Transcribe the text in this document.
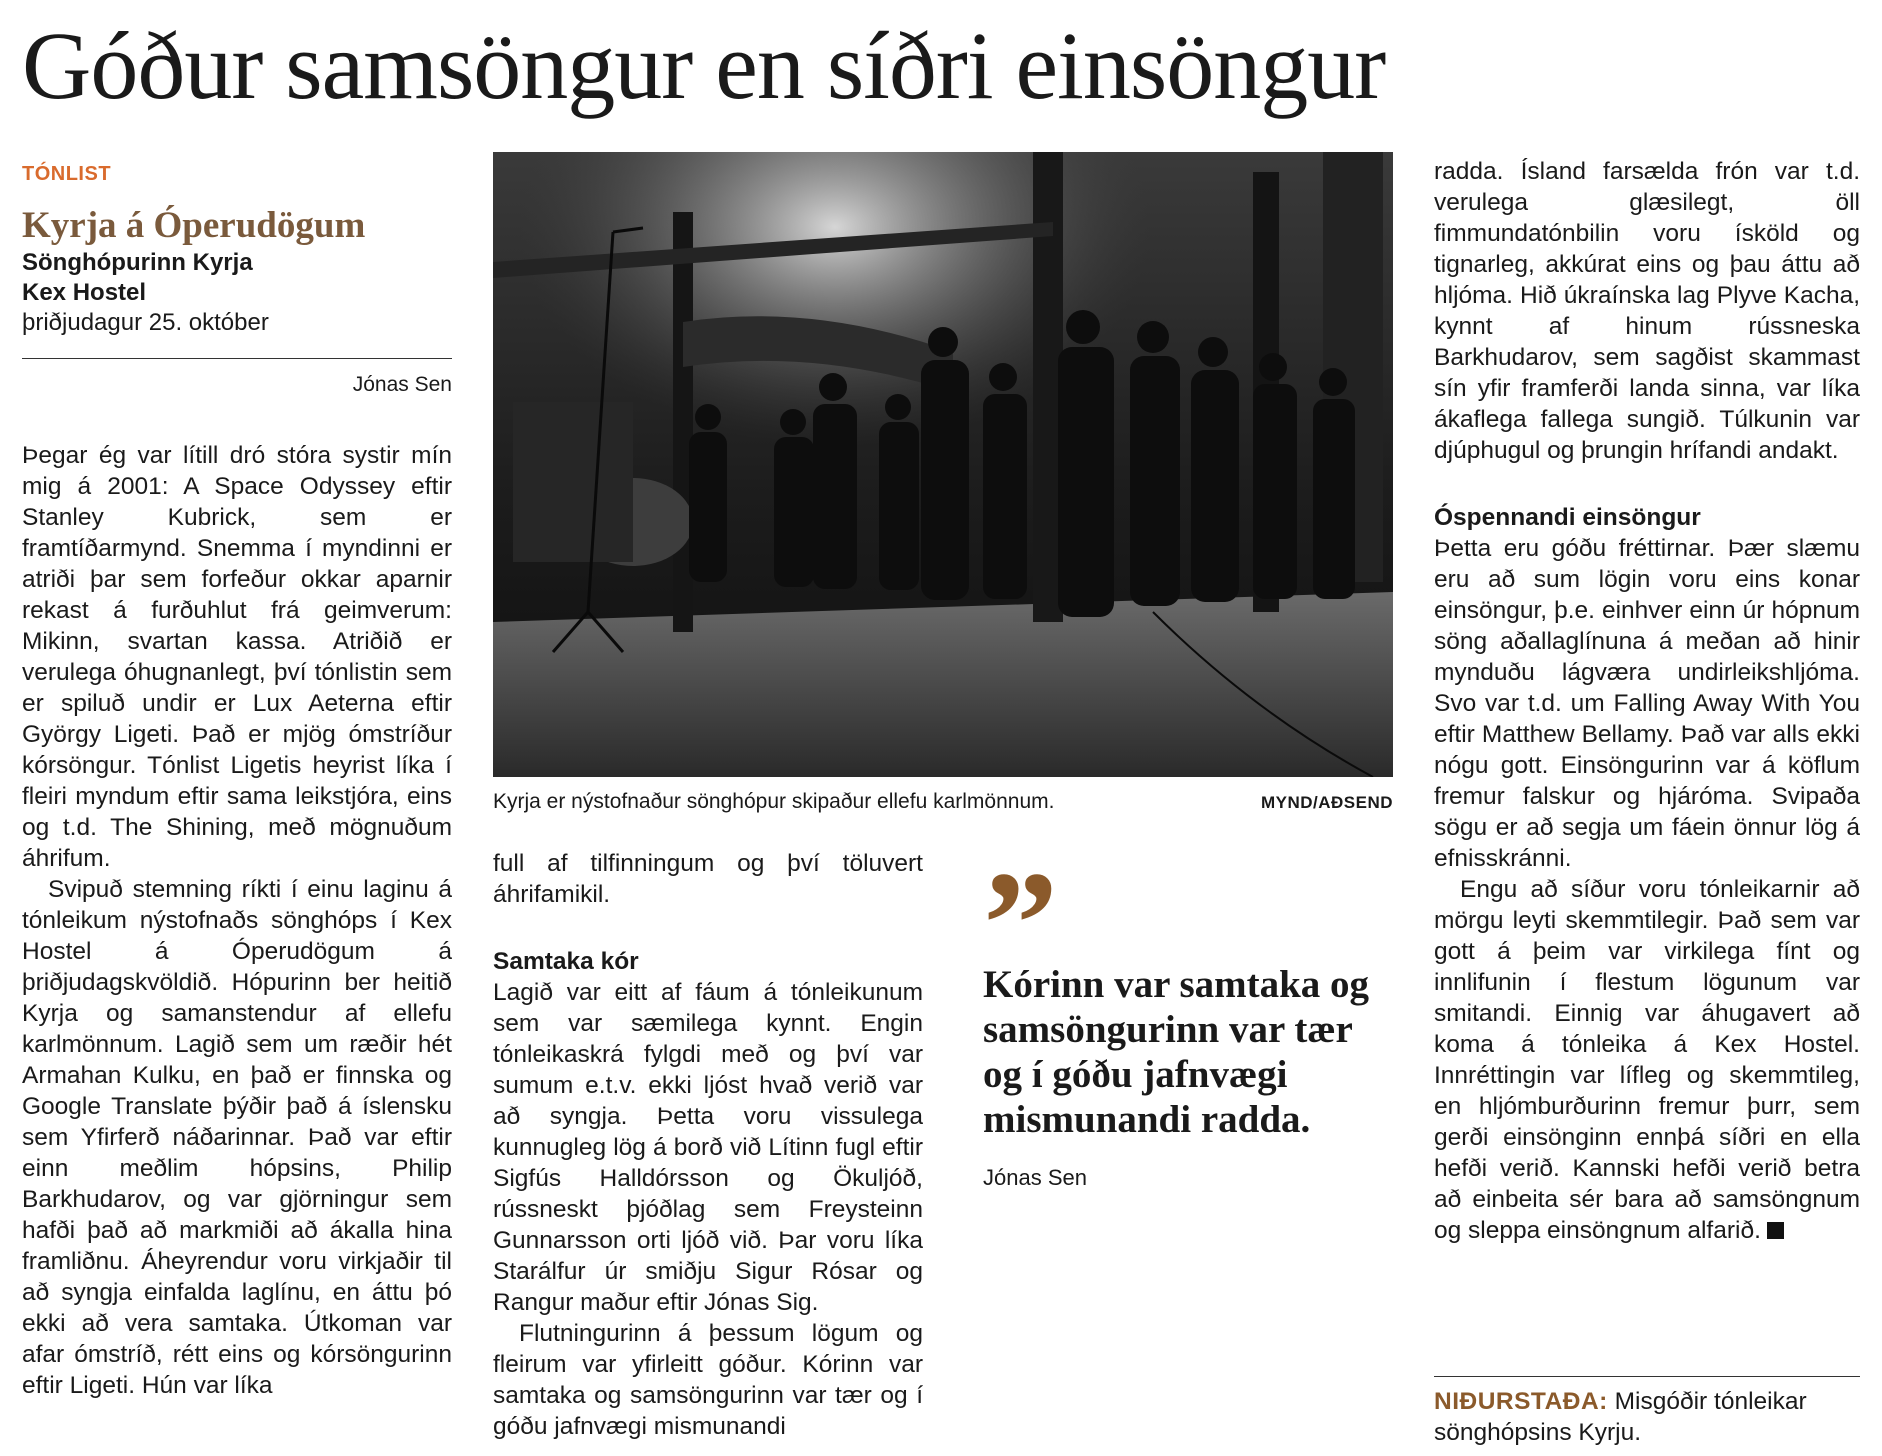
Góður samsöngur en síðri einsöngur
TÓNLIST
Kyrja á Óperudögum
Sönghópurinn Kyrja
Kex Hostel
þriðjudagur 25. október
Jónas Sen

Þegar ég var lítill dró stóra systir mín mig á 2001: A Space Odyssey eftir Stanley Kubrick, sem er framtíðarmynd. Snemma í myndinni er atriði þar sem forfeður okkar aparnir rekast á furðuhlut frá geimverum: Mikinn, svartan kassa. Atriðið er verulega óhugnanlegt, því tónlistin sem er spiluð undir er Lux Aeterna eftir György Ligeti. Það er mjög ómstríður kórsöngur. Tónlist Ligetis heyrist líka í fleiri myndum eftir sama leikstjóra, eins og t.d. The Shining, með mögnuðum áhrifum.

Svipuð stemning ríkti í einu laginu á tónleikum nýstofnaðs sönghóps í Kex Hostel á Óperudögum á þriðjudagskvöldið. Hópurinn ber heitið Kyrja og samanstendur af ellefu karlmönnum. Lagið sem um ræðir hét Armahan Kulku, en það er finnska og Google Translate þýðir það á íslensku sem Yfirferð náðarinnar. Það var eftir einn meðlim hópsins, Philip Barkhudarov, og var gjörningur sem hafði það að markmiði að ákalla hina framliðnu. Áheyrendur voru virkjaðir til að syngja einfalda laglínu, en áttu þó ekki að vera samtaka. Útkoman var afar ómstríð, rétt eins og kórsöngurinn eftir Ligeti. Hún var líka

Kyrja er nýstofnaður sönghópur skipaður ellefu karlmönnum.	MYND/AÐSEND

full af tilfinningum og því töluvert áhrifamikil.

Samtaka kór

Lagið var eitt af fáum á tónleikunum sem var sæmilega kynnt. Engin tónleikaskrá fylgdi með og því var sumum e.t.v. ekki ljóst hvað verið var að syngja. Þetta voru vissulega kunnugleg lög á borð við Lítinn fugl eftir Sigfús Halldórsson og Ökuljóð, rússneskt þjóðlag sem Freysteinn Gunnarsson orti ljóð við. Þar voru líka Starálfur úr smiðju Sigur Rósar og Rangur maður eftir Jónas Sig.

Flutningurinn á þessum lögum og fleirum var yfirleitt góður. Kórinn var samtaka og samsöngurinn var tær og í góðu jafnvægi mismunandi

”
Kórinn var samtaka og samsöngurinn var tær og í góðu jafnvægi mismunandi radda.
Jónas Sen

radda. Ísland farsælda frón var t.d. verulega glæsilegt, öll fimmundatónbilin voru ísköld og tignarleg, akkúrat eins og þau áttu að hljóma. Hið úkraínska lag Plyve Kacha, kynnt af hinum rússneska Barkhudarov, sem sagðist skammast sín yfir framferði landa sinna, var líka ákaflega fallega sungið. Túlkunin var djúphugul og þrungin hrífandi andakt.

Óspennandi einsöngur

Þetta eru góðu fréttirnar. Þær slæmu eru að sum lögin voru eins konar einsöngur, þ.e. einhver einn úr hópnum söng aðallaglínuna á meðan að hinir mynduðu lágværa undirleikshljóma. Svo var t.d. um Falling Away With You eftir Matthew Bellamy. Það var alls ekki nógu gott. Einsöngurinn var á köflum fremur falskur og hjáróma. Svipaða sögu er að segja um fáein önnur lög á efnisskránni.

Engu að síður voru tónleikarnir að mörgu leyti skemmtilegir. Það sem var gott á þeim var virkilega fínt og innlifunin í flestum lögunum var smitandi. Einnig var áhugavert að koma á tónleika á Kex Hostel. Innréttingin var lífleg og skemmtileg, en hljómburðurinn fremur þurr, sem gerði einsönginn ennþá síðri en ella hefði verið. Kannski hefði verið betra að einbeita sér bara að samsöngnum og sleppa einsöngnum alfarið.

NIÐURSTAÐA: Misgóðir tónleikar sönghópsins Kyrju.
